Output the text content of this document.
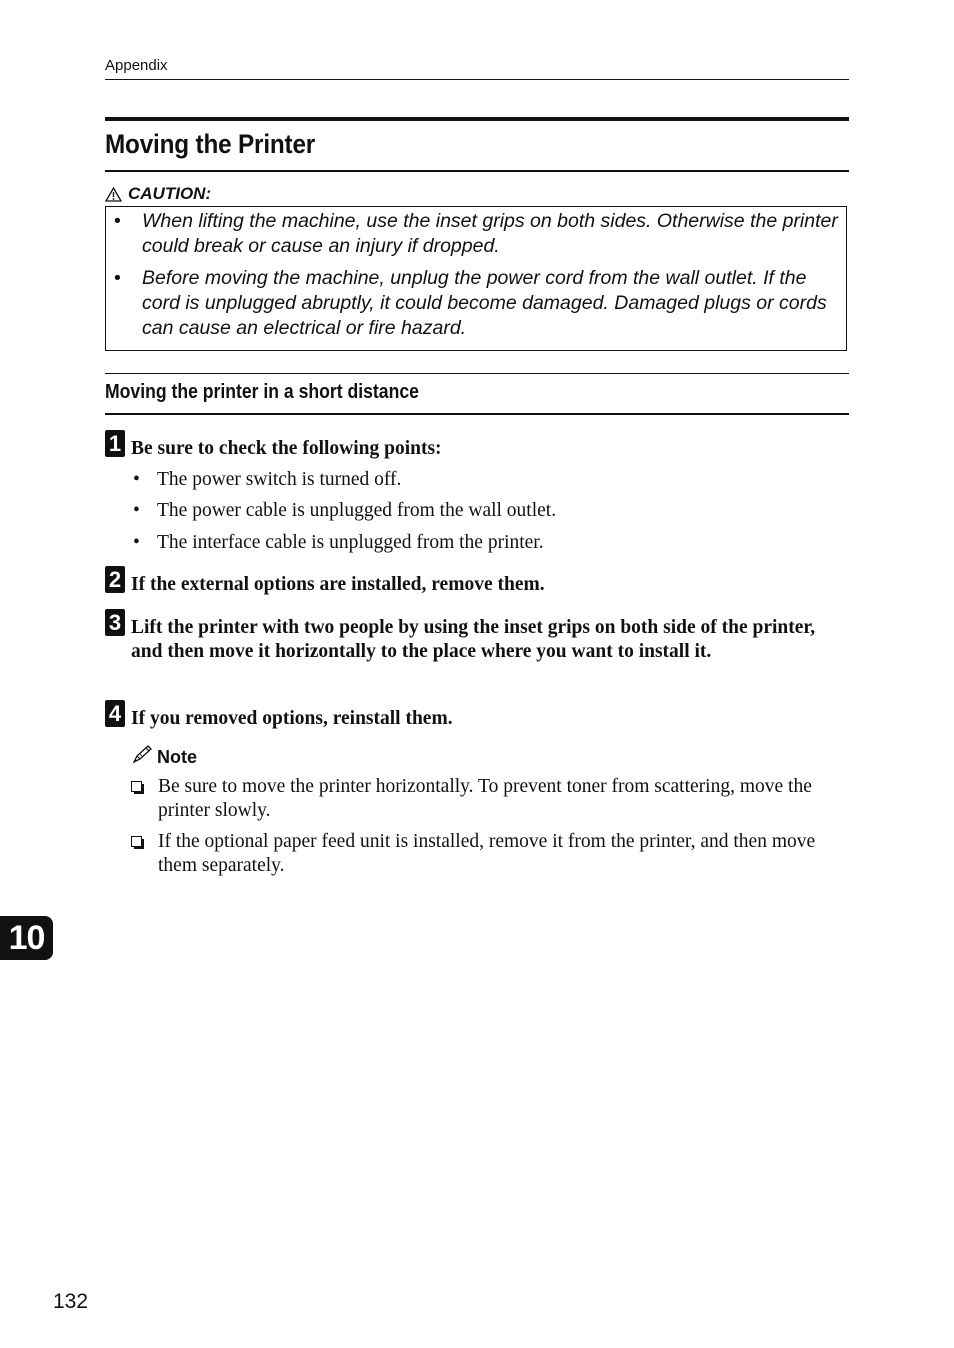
Appendix
Moving the Printer
CAUTION:
• When lifting the machine, use the inset grips on both sides. Otherwise the printer could break or cause an injury if dropped.
• Before moving the machine, unplug the power cord from the wall outlet. If the cord is unplugged abruptly, it could become damaged. Damaged plugs or cords can cause an electrical or fire hazard.
Moving the printer in a short distance
1 Be sure to check the following points:
• The power switch is turned off.
• The power cable is unplugged from the wall outlet.
• The interface cable is unplugged from the printer.
2 If the external options are installed, remove them.
3 Lift the printer with two people by using the inset grips on both side of the printer, and then move it horizontally to the place where you want to install it.
4 If you removed options, reinstall them.
Note
Be sure to move the printer horizontally. To prevent toner from scattering, move the printer slowly.
If the optional paper feed unit is installed, remove it from the printer, and then move them separately.
10
132
